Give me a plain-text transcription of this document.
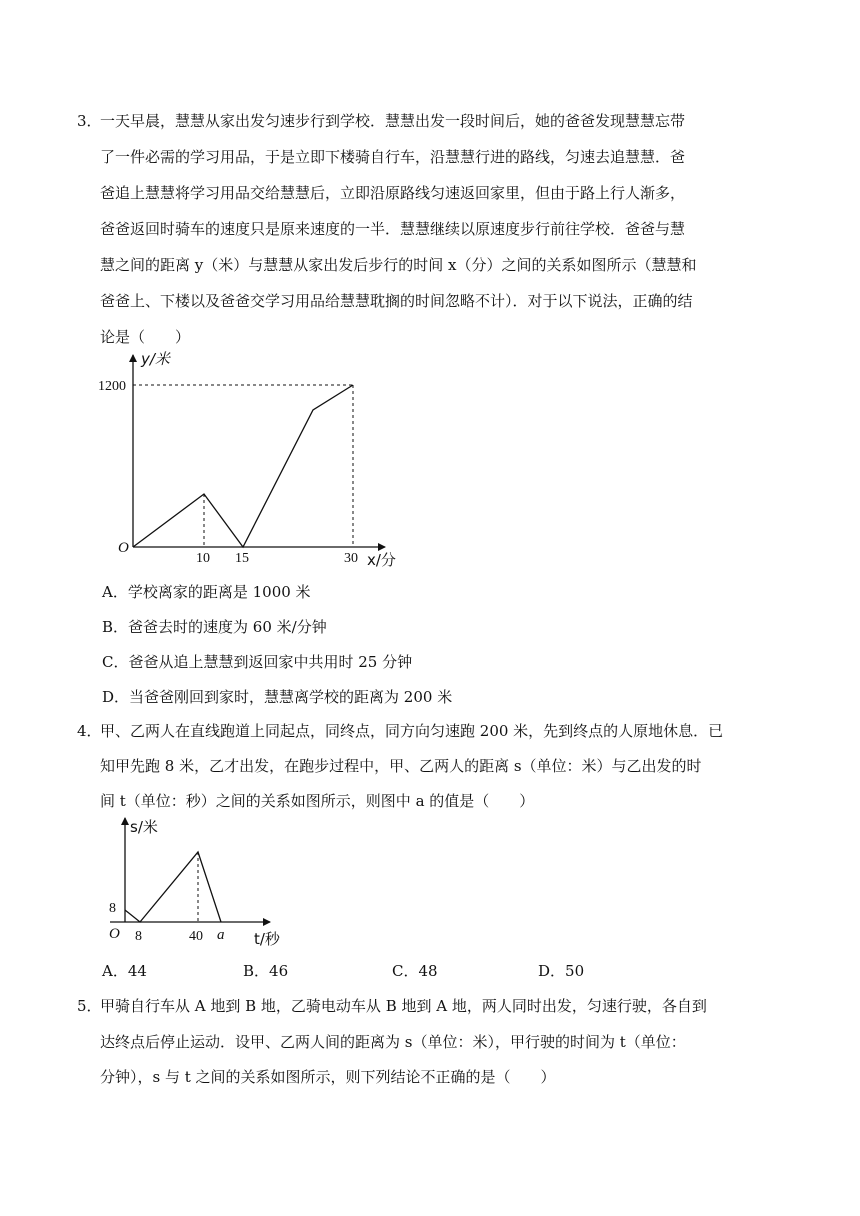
3．
一天早晨，慧慧从家出发匀速步行到学校．慧慧出发一段时间后，她的爸爸发现慧慧忘带
了一件必需的学习用品，于是立即下楼骑自行车，沿慧慧行进的路线，匀速去追慧慧．爸
爸追上慧慧将学习用品交给慧慧后，立即沿原路线匀速返回家里，但由于路上行人渐多，
爸爸返回时骑车的速度只是原来速度的一半．慧慧继续以原速度步行前往学校．爸爸与慧
慧之间的距离 y（米）与慧慧从家出发后步行的时间 x（分）之间的关系如图所示（慧慧和
爸爸上、下楼以及爸爸交学习用品给慧慧耽搁的时间忽略不计）．对于以下说法，正确的结
论是（　　）
y/米
1200
O
10 15	30 x/分
A．学校离家的距离是 1000 米
B．爸爸去时的速度为 60 米/分钟
C．爸爸从追上慧慧到返回家中共用时 25 分钟
D．当爸爸刚回到家时，慧慧离学校的距离为 200 米
4．
甲、乙两人在直线跑道上同起点，同终点，同方向匀速跑 200 米，先到终点的人原地休息．已
知甲先跑 8 米，乙才出发，在跑步过程中，甲、乙两人的距离 s（单位：米）与乙出发的时
间 t（单位：秒）之间的关系如图所示，则图中 a 的值是（　　）
s/米
8
O 8	40 a t/秒
A．44	B．46	C．48	D．50
5．
甲骑自行车从 A 地到 B 地，乙骑电动车从 B 地到 A 地，两人同时出发，匀速行驶，各自到
达终点后停止运动．设甲、乙两人间的距离为 s（单位：米），甲行驶的时间为 t（单位：
分钟），s 与 t 之间的关系如图所示，则下列结论不正确的是（　　）
